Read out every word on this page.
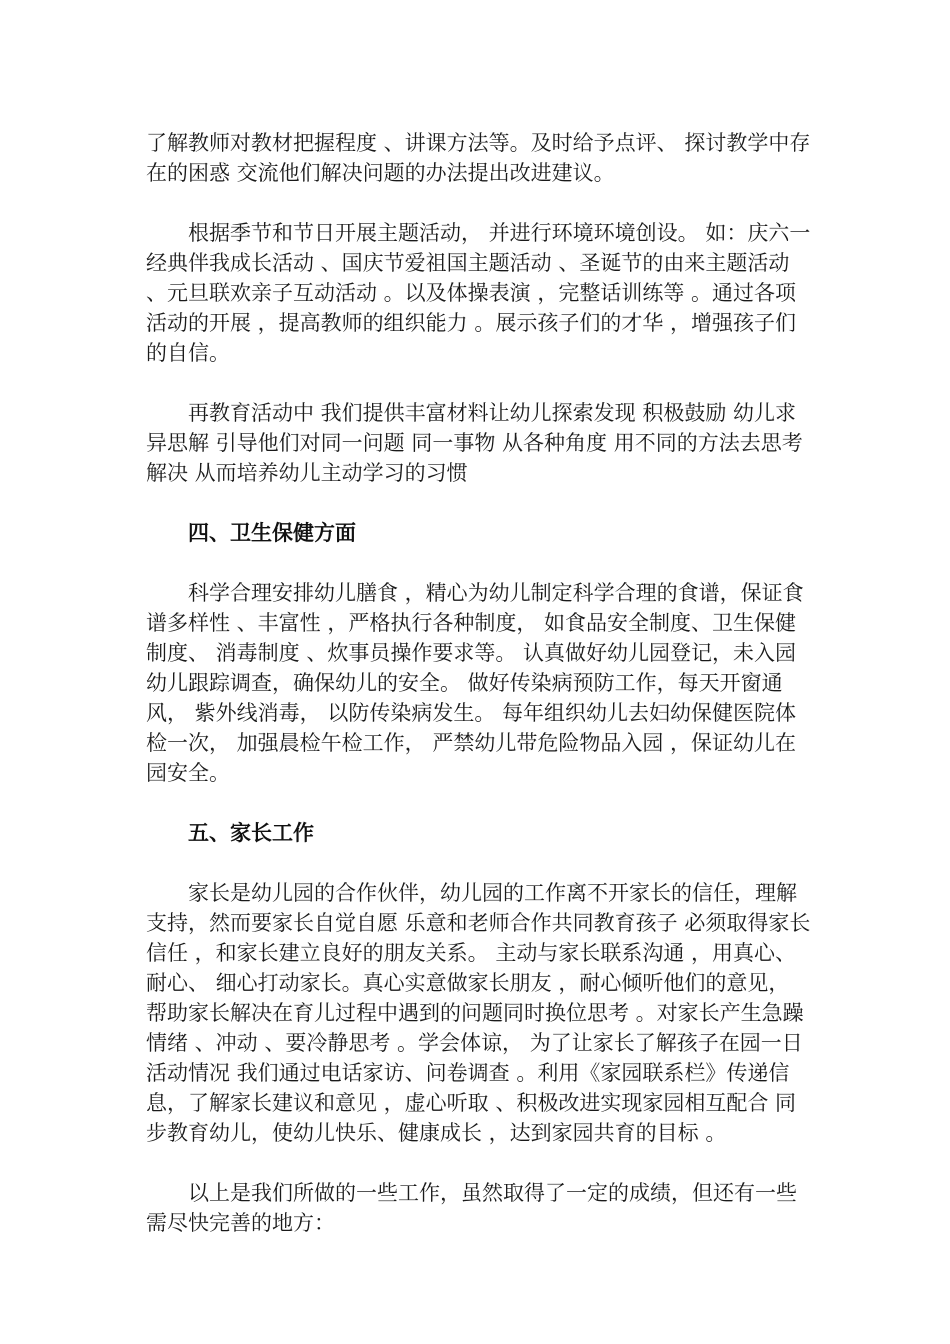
了解教师对教材把握程度 、讲课方法等。及时给予点评、 探讨教学中存在的困惑 交流他们解决问题的办法提出改进建议。

根据季节和节日开展主题活动， 并进行环境环境创设。 如：庆六一经典伴我成长活动 、国庆节爱祖国主题活动 、圣诞节的由来主题活动 、元旦联欢亲子互动活动 。以及体操表演 ，完整话训练等 。通过各项活动的开展 ，提高教师的组织能力 。展示孩子们的才华 ，增强孩子们的自信。

再教育活动中 我们提供丰富材料让幼儿探索发现 积极鼓励 幼儿求异思解 引导他们对同一问题 同一事物 从各种角度 用不同的方法去思考解决 从而培养幼儿主动学习的习惯

四、卫生保健方面

科学合理安排幼儿膳食 ，精心为幼儿制定科学合理的食谱，保证食谱多样性 、丰富性 ，严格执行各种制度， 如食品安全制度、卫生保健制度、 消毒制度 、炊事员操作要求等。 认真做好幼儿园登记，未入园幼儿跟踪调查，确保幼儿的安全。 做好传染病预防工作，每天开窗通风， 紫外线消毒， 以防传染病发生。 每年组织幼儿去妇幼保健医院体检一次， 加强晨检午检工作， 严禁幼儿带危险物品入园 ，保证幼儿在园安全。

五、家长工作

家长是幼儿园的合作伙伴，幼儿园的工作离不开家长的信任，理解支持，然而要家长自觉自愿 乐意和老师合作共同教育孩子 必须取得家长信任 ，和家长建立良好的朋友关系。 主动与家长联系沟通 ，用真心、 耐心、 细心打动家长。真心实意做家长朋友 ，耐心倾听他们的意见， 帮助家长解决在育儿过程中遇到的问题同时换位思考 。对家长产生急躁情绪 、冲动 、要冷静思考 。学会体谅， 为了让家长了解孩子在园一日活动情况 我们通过电话家访、问卷调查 。利用《家园联系栏》传递信息，了解家长建议和意见 ，虚心听取 、积极改进实现家园相互配合 同步教育幼儿，使幼儿快乐、健康成长 ，达到家园共育的目标 。

以上是我们所做的一些工作，虽然取得了一定的成绩，但还有一些需尽快完善的地方：
